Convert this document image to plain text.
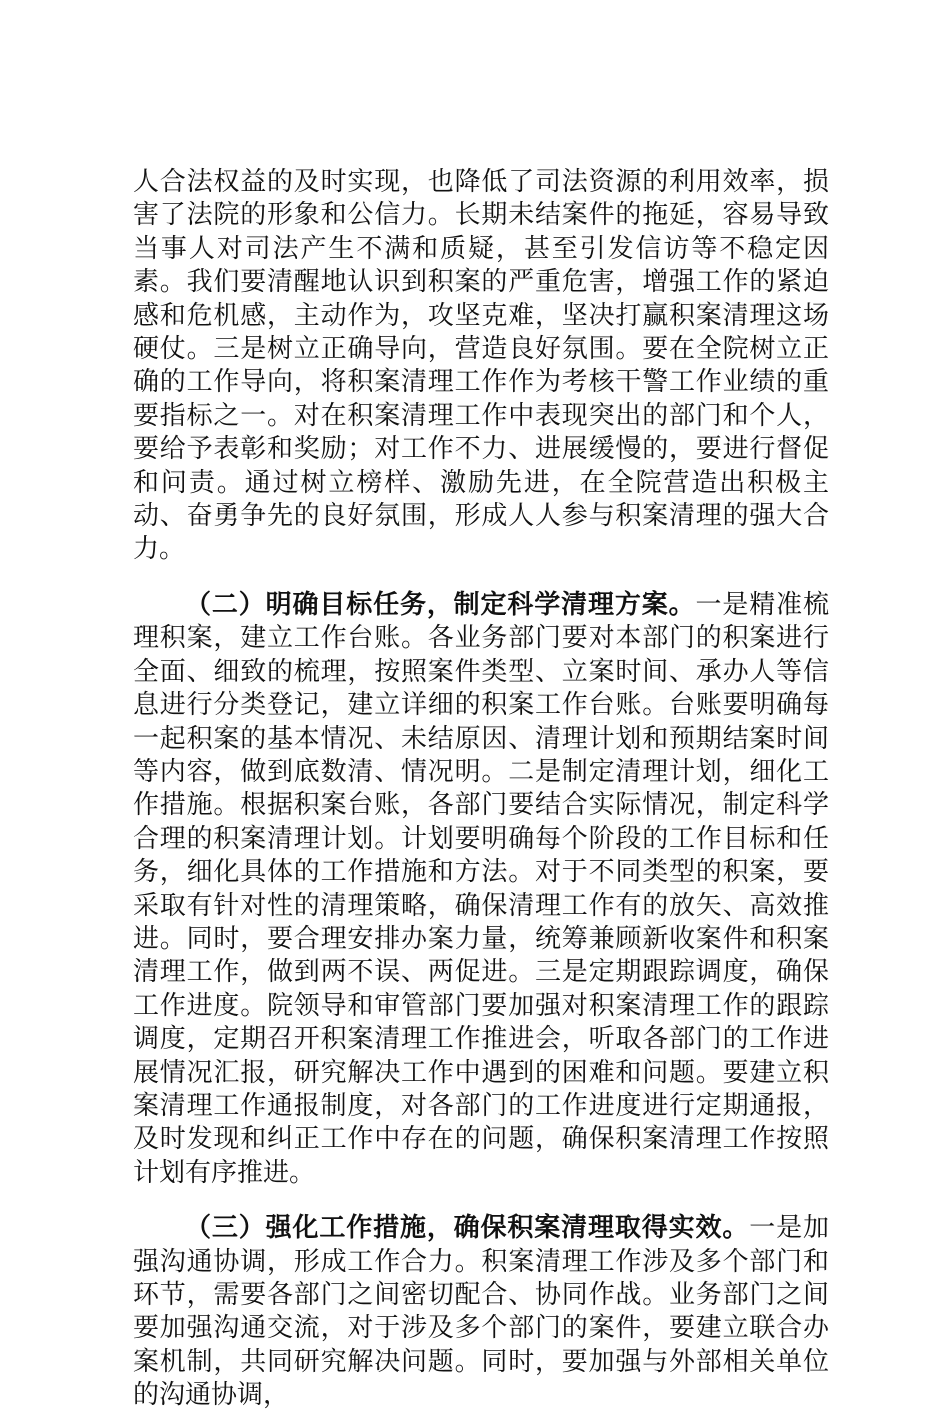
人合法权益的及时实现，也降低了司法资源的利用效率，损害了法院的形象和公信力。长期未结案件的拖延，容易导致当事人对司法产生不满和质疑，甚至引发信访等不稳定因素。我们要清醒地认识到积案的严重危害，增强工作的紧迫感和危机感，主动作为，攻坚克难，坚决打赢积案清理这场硬仗。三是树立正确导向，营造良好氛围。要在全院树立正确的工作导向，将积案清理工作作为考核干警工作业绩的重要指标之一。对在积案清理工作中表现突出的部门和个人，要给予表彰和奖励；对工作不力、进展缓慢的，要进行督促和问责。通过树立榜样、激励先进，在全院营造出积极主动、奋勇争先的良好氛围，形成人人参与积案清理的强大合力。

（二）明确目标任务，制定科学清理方案。一是精准梳理积案，建立工作台账。各业务部门要对本部门的积案进行全面、细致的梳理，按照案件类型、立案时间、承办人等信息进行分类登记，建立详细的积案工作台账。台账要明确每一起积案的基本情况、未结原因、清理计划和预期结案时间等内容，做到底数清、情况明。二是制定清理计划，细化工作措施。根据积案台账，各部门要结合实际情况，制定科学合理的积案清理计划。计划要明确每个阶段的工作目标和任务，细化具体的工作措施和方法。对于不同类型的积案，要采取有针对性的清理策略，确保清理工作有的放矢、高效推进。同时，要合理安排办案力量，统筹兼顾新收案件和积案清理工作，做到两不误、两促进。三是定期跟踪调度，确保工作进度。院领导和审管部门要加强对积案清理工作的跟踪调度，定期召开积案清理工作推进会，听取各部门的工作进展情况汇报，研究解决工作中遇到的困难和问题。要建立积案清理工作通报制度，对各部门的工作进度进行定期通报，及时发现和纠正工作中存在的问题，确保积案清理工作按照计划有序推进。

（三）强化工作措施，确保积案清理取得实效。一是加强沟通协调，形成工作合力。积案清理工作涉及多个部门和环节，需要各部门之间密切配合、协同作战。业务部门之间要加强沟通交流，对于涉及多个部门的案件，要建立联合办案机制，共同研究解决问题。同时，要加强与外部相关单位的沟通协调，
